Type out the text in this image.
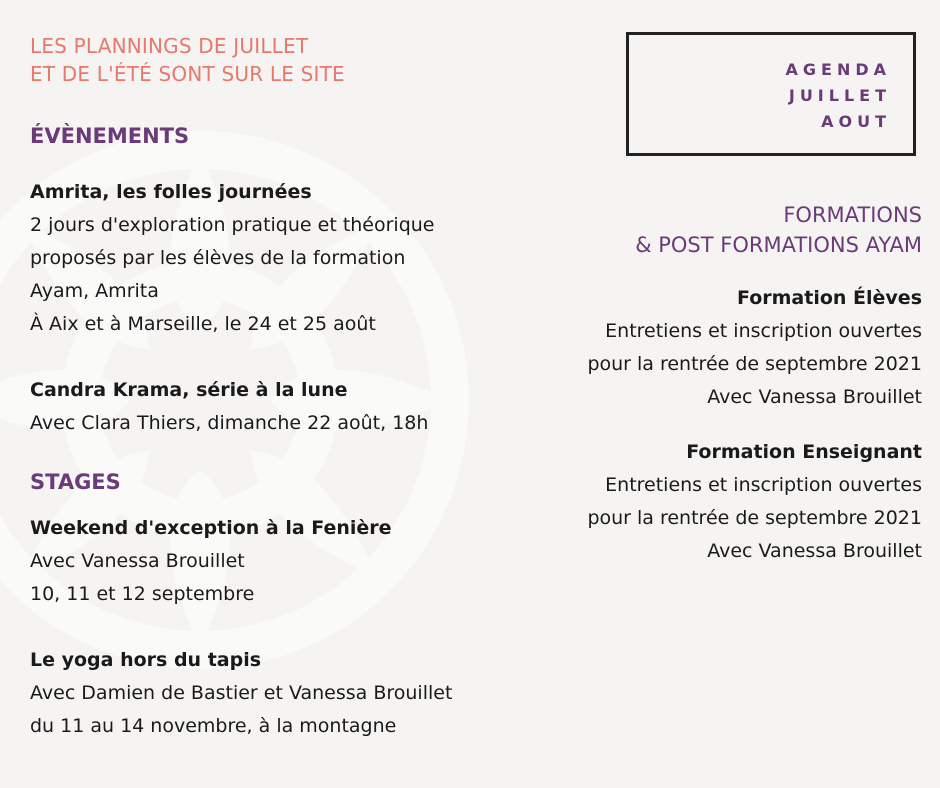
LES PLANNINGS DE JUILLET
ET DE L'ÉTÉ SONT SUR LE SITE
ÉVÈNEMENTS
Amrita, les folles journées
2 jours d'exploration pratique et théorique
proposés par les élèves de la formation
Ayam, Amrita
À Aix et à Marseille, le 24 et 25 août
Candra Krama, série à la lune
Avec Clara Thiers, dimanche 22 août, 18h
STAGES
Weekend d'exception à la Fenière
Avec Vanessa Brouillet
10, 11 et 12 septembre
Le yoga hors du tapis
Avec Damien de Bastier et Vanessa Brouillet
du 11 au 14 novembre, à la montagne
AGENDA
JUILLET
AOUT
FORMATIONS
& POST FORMATIONS AYAM
Formation Élèves
Entretiens et inscription ouvertes
pour la rentrée de septembre 2021
Avec Vanessa Brouillet
Formation Enseignant
Entretiens et inscription ouvertes
pour la rentrée de septembre 2021
Avec Vanessa Brouillet
